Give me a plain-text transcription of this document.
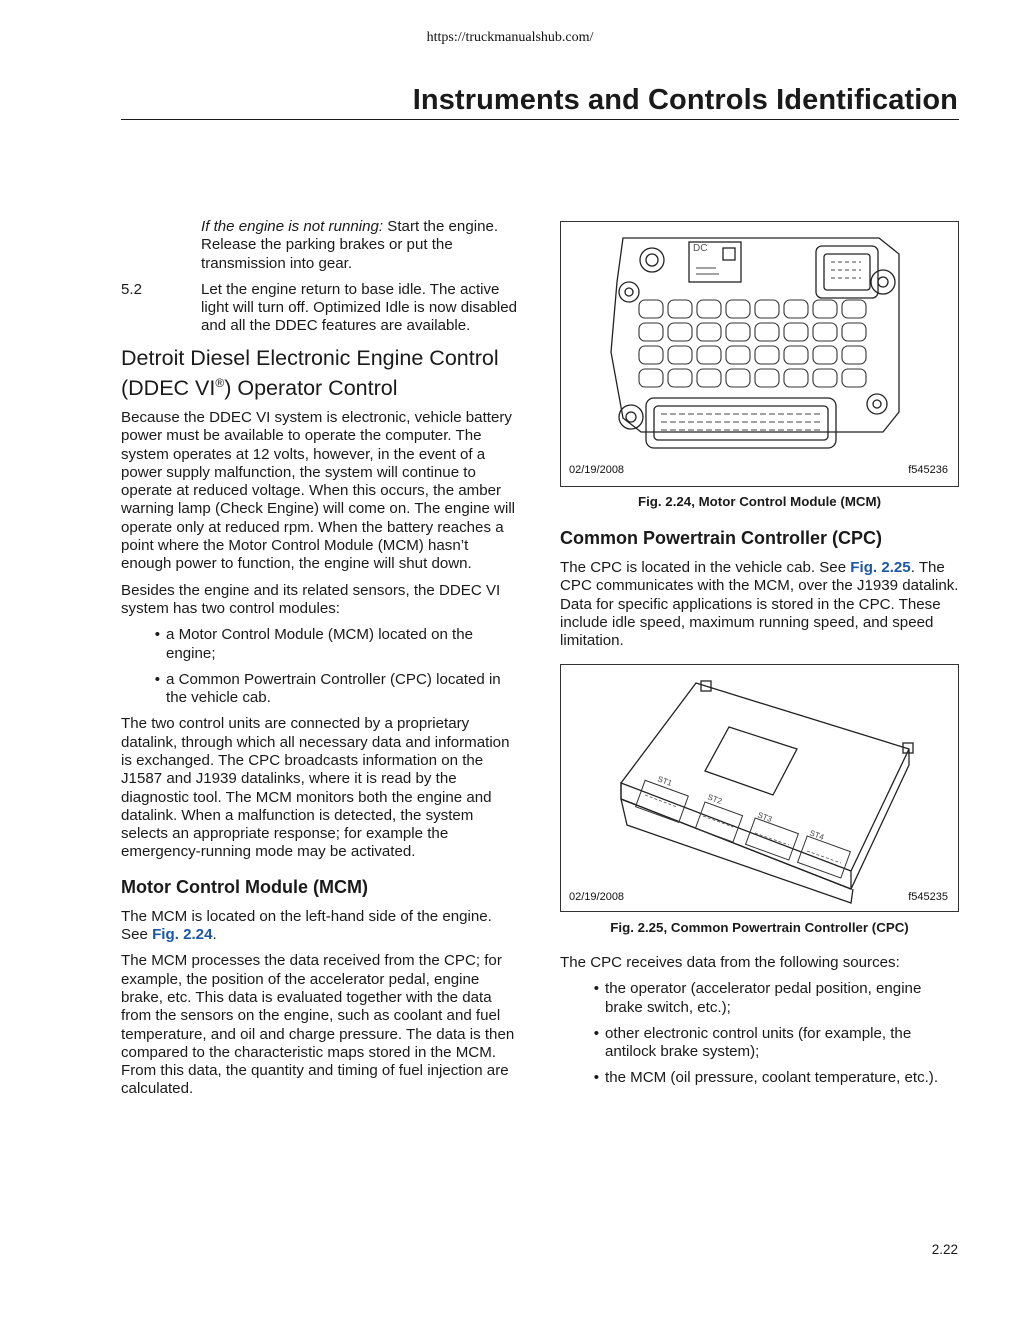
https://truckmanualshub.com/
Instruments and Controls Identification

If the engine is not running: Start the engine. Release the parking brakes or put the transmission into gear.

5.2	Let the engine return to base idle. The active light will turn off. Optimized Idle is now disabled and all the DDEC features are available.
Detroit Diesel Electronic Engine Control (DDEC VI®) Operator Control

Because the DDEC VI system is electronic, vehicle battery power must be available to operate the computer. The system operates at 12 volts, however, in the event of a power supply malfunction, the system will continue to operate at reduced voltage. When this occurs, the amber warning lamp (Check Engine) will come on. The engine will operate only at reduced rpm. When the battery reaches a point where the Motor Control Module (MCM) hasn’t enough power to function, the engine will shut down.

Besides the engine and its related sensors, the DDEC VI system has two control modules:

• a Motor Control Module (MCM) located on the engine;
• a Common Powertrain Controller (CPC) located in the vehicle cab.

The two control units are connected by a proprietary datalink, through which all necessary data and information is exchanged. The CPC broadcasts information on the J1587 and J1939 datalinks, where it is read by the diagnostic tool. The MCM monitors both the engine and datalink. When a malfunction is detected, the system selects an appropriate response; for example the emergency-running mode may be activated.

Motor Control Module (MCM)

The MCM is located on the left-hand side of the engine. See Fig. 2.24.

The MCM processes the data received from the CPC; for example, the position of the accelerator pedal, engine brake, etc. This data is evaluated together with the data from the sensors on the engine, such as coolant and fuel temperature, and oil and charge pressure. The data is then compared to the characteristic maps stored in the MCM. From this data, the quantity and timing of fuel injection are calculated.

DC
02/19/2008	f545236
Fig. 2.24, Motor Control Module (MCM)
Common Powertrain Controller (CPC)

The CPC is located in the vehicle cab. See Fig. 2.25. The CPC communicates with the MCM, over the J1939 datalink. Data for specific applications is stored in the CPC. These include idle speed, maximum running speed, and speed limitation.

ST1
ST2
ST3
ST4
02/19/2008	f545235
Fig. 2.25, Common Powertrain Controller (CPC)

The CPC receives data from the following sources:

• the operator (accelerator pedal position, engine brake switch, etc.);
• other electronic control units (for example, the antilock brake system);
• the MCM (oil pressure, coolant temperature, etc.).
2.22
